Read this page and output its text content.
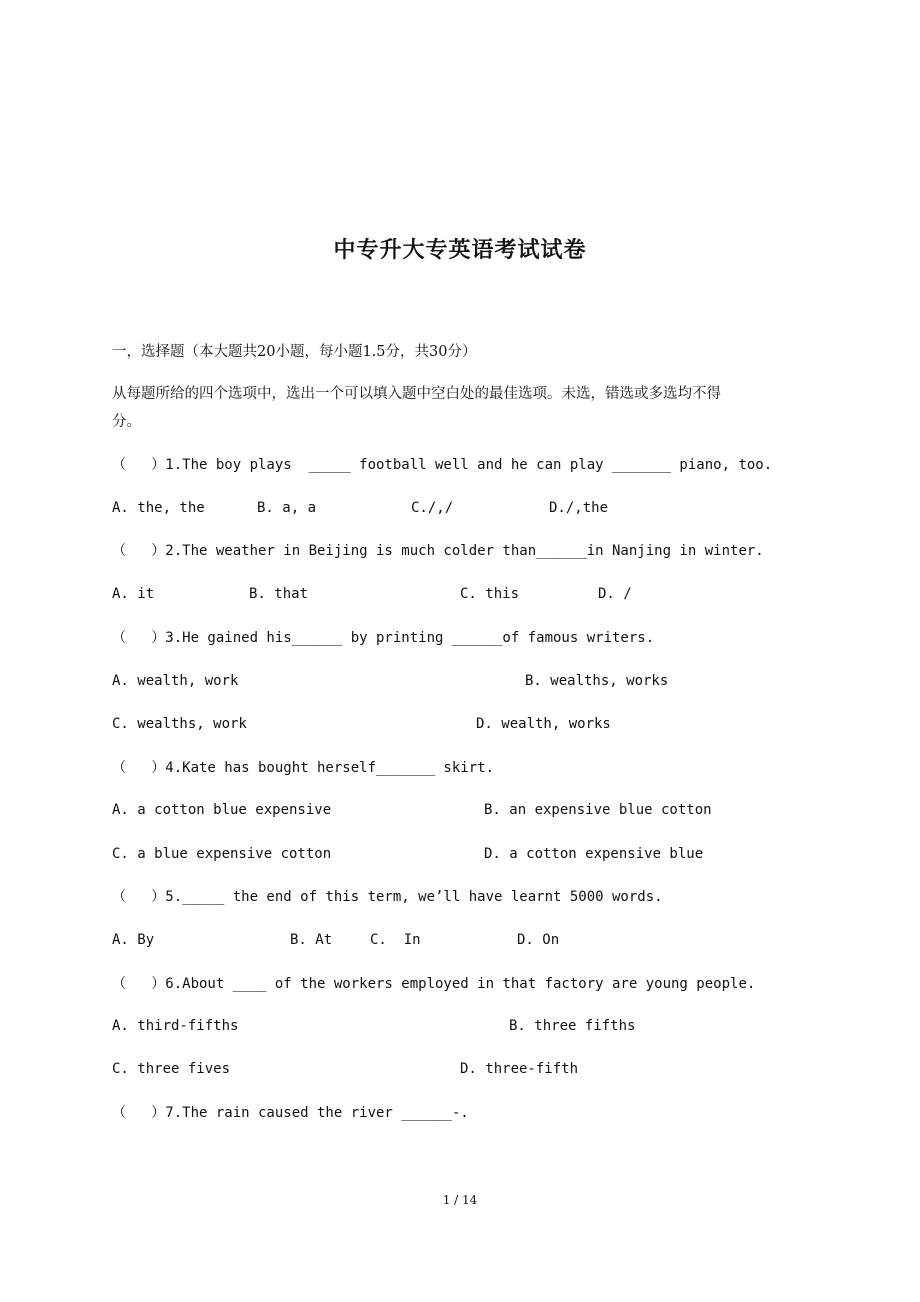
中专升大专英语考试试卷
一，选择题（本大题共20小题，每小题1.5分，共30分）
从每题所给的四个选项中，选出一个可以填入题中空白处的最佳选项。未选，错选或多选均不得
分。
（   ）1.The boy plays  _____ football well and he can play _______ piano, too.
A. the, the	B. a, a	C./,/	D./,the
（   ）2.The weather in Beijing is much colder than______in Nanjing in winter.
A. it	B. that	C. this	D. /
（   ）3.He gained his______ by printing ______of famous writers.
A. wealth, work	B. wealths, works
C. wealths, work	D. wealth, works
（   ）4.Kate has bought herself_______ skirt.
A. a cotton blue expensive	B. an expensive blue cotton
C. a blue expensive cotton	D. a cotton expensive blue
（   ）5._____ the end of this term, we’ll have learnt 5000 words.
A. By	B. At	C.  In	D. On
（   ）6.About ____ of the workers employed in that factory are young people.
A. third-fifths	B. three fifths
C. three fives	D. three-fifth
（   ）7.The rain caused the river ______-.
1 / 14
